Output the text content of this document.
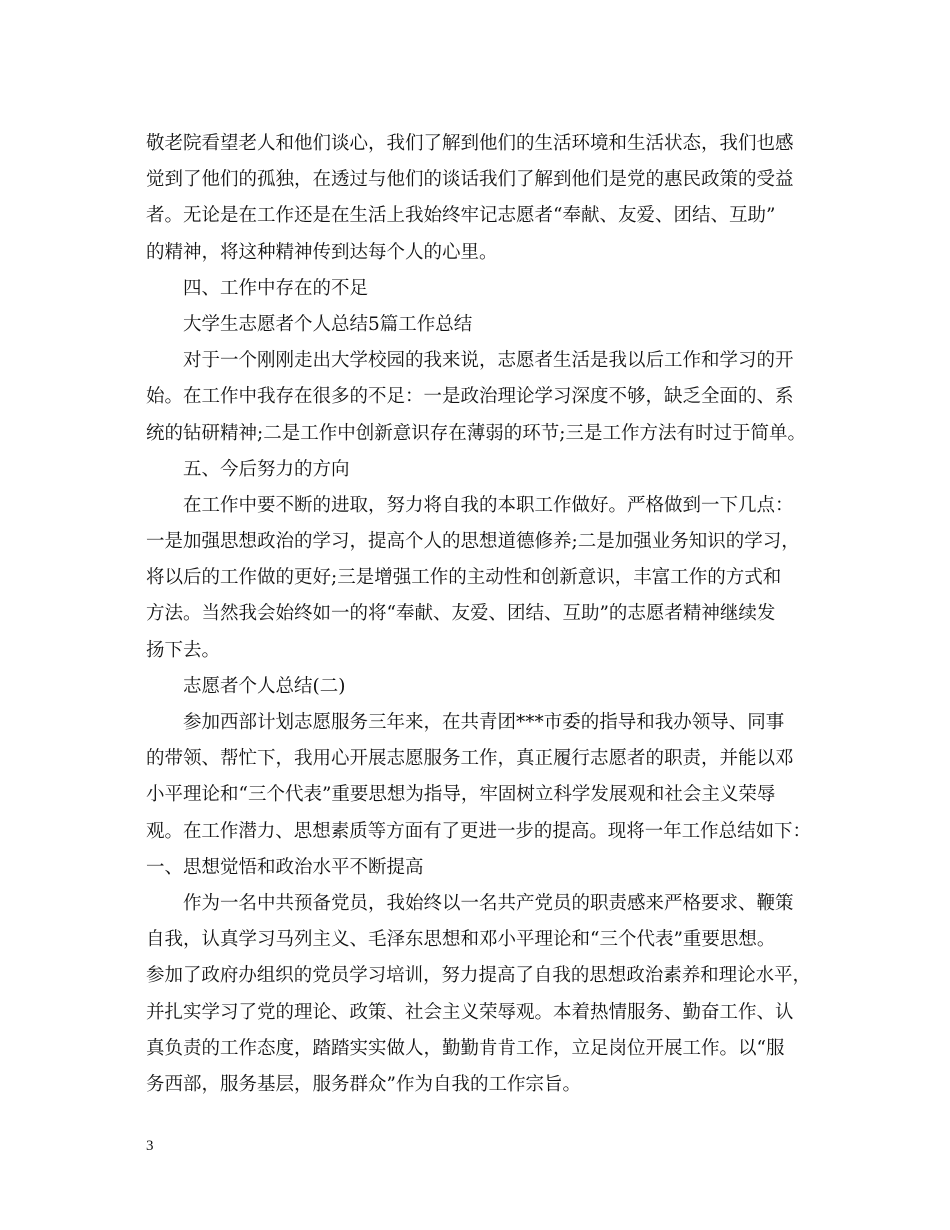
敬老院看望老人和他们谈心，我们了解到他们的生活环境和生活状态，我们也感
觉到了他们的孤独，在透过与他们的谈话我们了解到他们是党的惠民政策的受益
者。无论是在工作还是在生活上我始终牢记志愿者“奉献、友爱、团结、互助”
的精神，将这种精神传到达每个人的心里。
四、工作中存在的不足
大学生志愿者个人总结5篇工作总结
对于一个刚刚走出大学校园的我来说，志愿者生活是我以后工作和学习的开
始。在工作中我存在很多的不足：一是政治理论学习深度不够，缺乏全面的、系
统的钻研精神;二是工作中创新意识存在薄弱的环节;三是工作方法有时过于简单。
五、今后努力的方向
在工作中要不断的进取，努力将自我的本职工作做好。严格做到一下几点：
一是加强思想政治的学习，提高个人的思想道德修养;二是加强业务知识的学习，
将以后的工作做的更好;三是增强工作的主动性和创新意识，丰富工作的方式和
方法。当然我会始终如一的将“奉献、友爱、团结、互助”的志愿者精神继续发
扬下去。
志愿者个人总结(二)
参加西部计划志愿服务三年来，在共青团***市委的指导和我办领导、同事
的带领、帮忙下，我用心开展志愿服务工作，真正履行志愿者的职责，并能以邓
小平理论和“三个代表”重要思想为指导，牢固树立科学发展观和社会主义荣辱
观。在工作潜力、思想素质等方面有了更进一步的提高。现将一年工作总结如下：
一、思想觉悟和政治水平不断提高
作为一名中共预备党员，我始终以一名共产党员的职责感来严格要求、鞭策
自我，认真学习马列主义、毛泽东思想和邓小平理论和“三个代表”重要思想。
参加了政府办组织的党员学习培训，努力提高了自我的思想政治素养和理论水平，
并扎实学习了党的理论、政策、社会主义荣辱观。本着热情服务、勤奋工作、认
真负责的工作态度，踏踏实实做人，勤勤肯肯工作，立足岗位开展工作。以“服
务西部，服务基层，服务群众”作为自我的工作宗旨。
3
